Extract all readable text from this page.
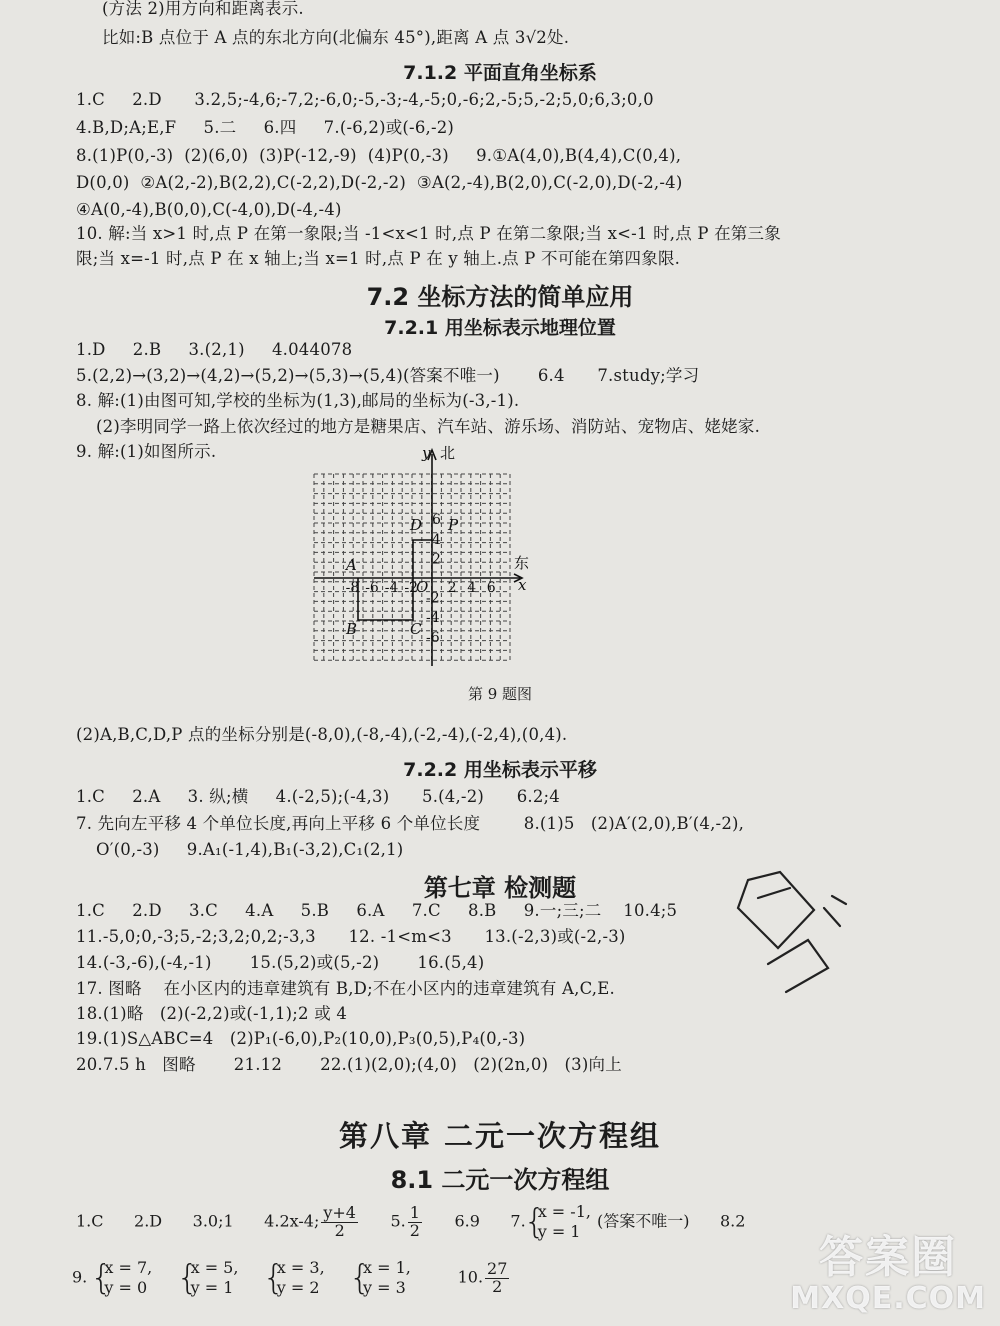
(方法 2)用方向和距离表示.
比如:B 点位于 A 点的东北方向(北偏东 45°),距离 A 点 3√2处.
7.1.2 平面直角坐标系
1.C     2.D      3.2,5;-4,6;-7,2;-6,0;-5,-3;-4,-5;0,-6;2,-5;5,-2;5,0;6,3;0,0
4.B,D;A;E,F     5.二     6.四     7.(-6,2)或(-6,-2)
8.(1)P(0,-3)  (2)(6,0)  (3)P(-12,-9)  (4)P(0,-3)     9.①A(4,0),B(4,4),C(0,4),
D(0,0)  ②A(2,-2),B(2,2),C(-2,2),D(-2,-2)  ③A(2,-4),B(2,0),C(-2,0),D(-2,-4)
④A(0,-4),B(0,0),C(-4,0),D(-4,-4)
10. 解:当 x>1 时,点 P 在第一象限;当 -1<x<1 时,点 P 在第二象限;当 x<-1 时,点 P 在第三象
限;当 x=-1 时,点 P 在 x 轴上;当 x=1 时,点 P 在 y 轴上.点 P 不可能在第四象限.
7.2 坐标方法的简单应用
7.2.1 用坐标表示地理位置
1.D     2.B     3.(2,1)     4.044078
5.(2,2)→(3,2)→(4,2)→(5,2)→(5,3)→(5,4)(答案不唯一)       6.4      7.study;学习
8. 解:(1)由图可知,学校的坐标为(1,3),邮局的坐标为(-3,-1).
(2)李明同学一路上依次经过的地方是糖果店、汽车站、游乐场、消防站、宠物店、姥姥家.
9. 解:(1)如图所示.	y 北
东
x
O
A
B	C
D P
-8 -6 -4 -2 2 4 6
6
4
2
-2
-4
-6
第 9 题图
(2)A,B,C,D,P 点的坐标分别是(-8,0),(-8,-4),(-2,-4),(-2,4),(0,4).
7.2.2 用坐标表示平移
1.C     2.A     3. 纵;横     4.(-2,5);(-4,3)      5.(4,-2)      6.2;4
7. 先向左平移 4 个单位长度,再向上平移 6 个单位长度        8.(1)5   (2)A′(2,0),B′(4,-2),
O′(0,-3)     9.A₁(-1,4),B₁(-3,2),C₁(2,1)
第七章 检测题
1.C     2.D     3.C     4.A     5.B     6.A     7.C     8.B     9.一;三;二    10.4;5
11.-5,0;0,-3;5,-2;3,2;0,2;-3,3      12. -1<m<3      13.(-2,3)或(-2,-3)
14.(-3,-6),(-4,-1)       15.(5,2)或(5,-2)       16.(5,4)
17. 图略    在小区内的违章建筑有 B,D;不在小区内的违章建筑有 A,C,E.
18.(1)略   (2)(-2,2)或(-1,1);2 或 4
19.(1)S△ABC=4   (2)P₁(-6,0),P₂(10,0),P₃(0,5),P₄(0,-3)
20.7.5 h   图略       21.12       22.(1)(2,0);(4,0)   (2)(2n,0)   (3)向上
第八章 二元一次方程组
8.1 二元一次方程组
1.C 2.D 3.0;1 4.2x-4; $\frac{y+4}{2} 5$. $\frac{1}{2} 6.9$ 7. { x = -1,
y = 1
(答案不唯一) 8.2
9. { x = 7,
y = 0

{ x = 5,
y = 1

{ x = 3,
y = 2

{ x = 1,
y = 3
10. $\frac{27}{2}$	答案圈
MXQE.COM
